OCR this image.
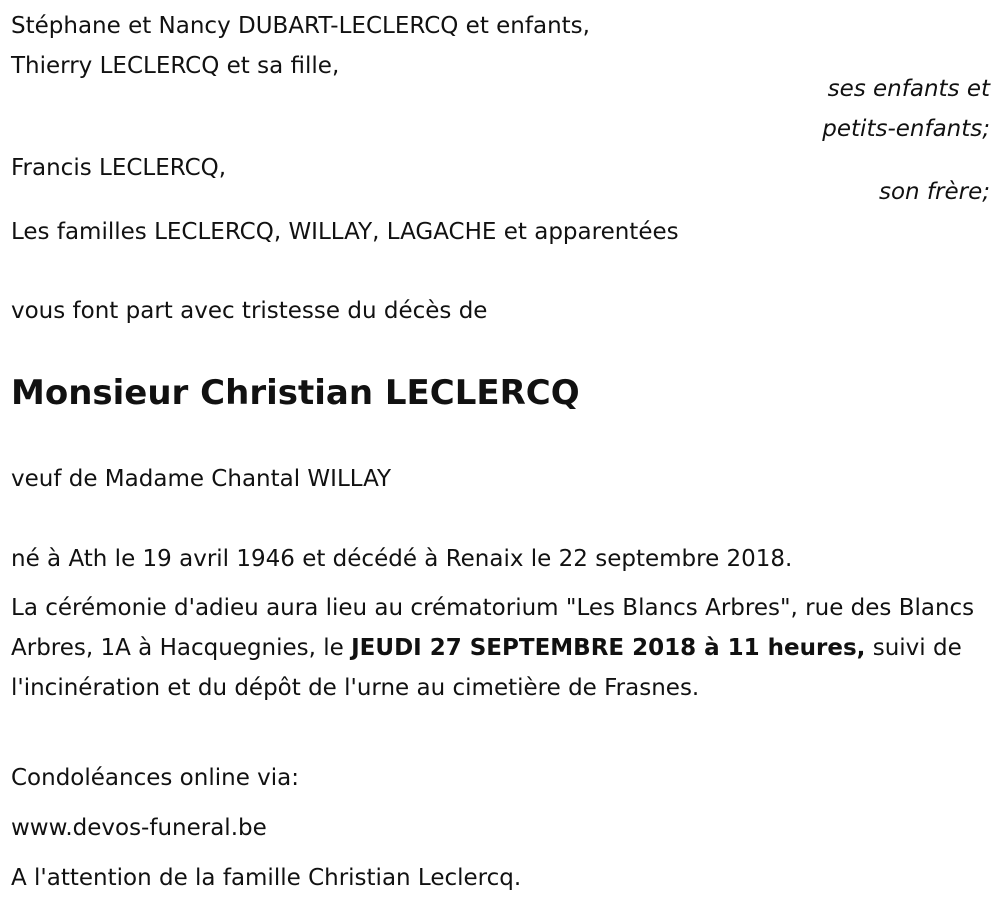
Stéphane et Nancy DUBART-LECLERCQ et enfants,
Thierry LECLERCQ et sa fille,
ses enfants et
petits-enfants;
Francis LECLERCQ,
son frère;
Les familles LECLERCQ, WILLAY, LAGACHE et apparentées
vous font part avec tristesse du décès de
Monsieur Christian LECLERCQ
veuf de Madame Chantal WILLAY
né à Ath le 19 avril 1946 et décédé à Renaix le 22 septembre 2018.
La cérémonie d'adieu aura lieu au crématorium "Les Blancs Arbres", rue des Blancs Arbres, 1A à Hacquegnies, le JEUDI 27 SEPTEMBRE 2018 à 11 heures, suivi de l'incinération et du dépôt de l'urne au cimetière de Frasnes.
Condoléances online via:
www.devos-funeral.be
A l'attention de la famille Christian Leclercq.
